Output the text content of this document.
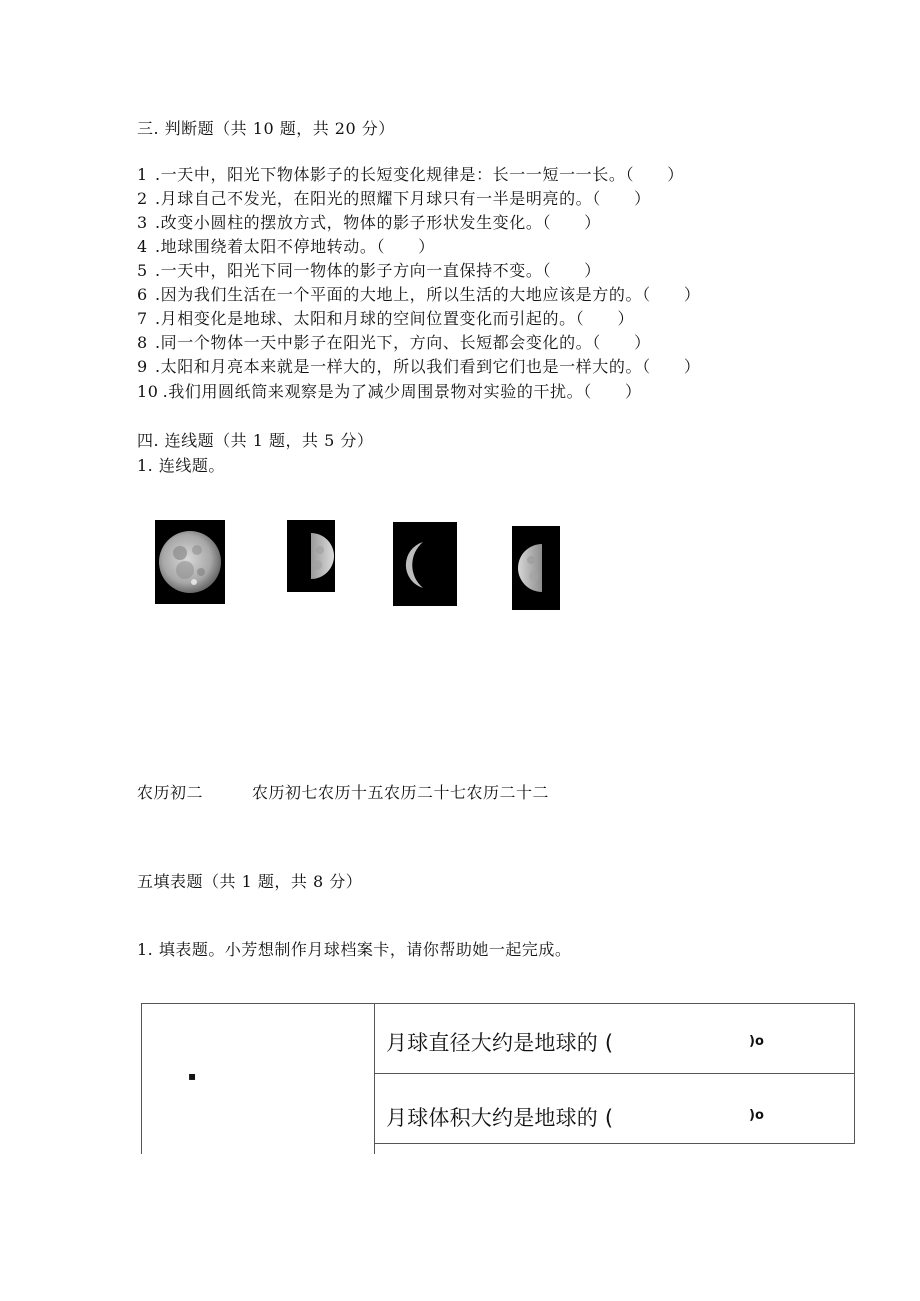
三. 判断题（共 10 题，共 20 分）
1 .一天中，阳光下物体影子的长短变化规律是：长一一短一一长。（　　）
2 .月球自己不发光，在阳光的照耀下月球只有一半是明亮的。（　　）
3 .改变小圆柱的摆放方式，物体的影子形状发生变化。（　　）
4 .地球围绕着太阳不停地转动。（　　）
5 .一天中，阳光下同一物体的影子方向一直保持不变。（　　）
6 .因为我们生活在一个平面的大地上，所以生活的大地应该是方的。（　　）
7 .月相变化是地球、太阳和月球的空间位置变化而引起的。（　　）
8 .同一个物体一天中影子在阳光下，方向、长短都会变化的。（　　）
9 .太阳和月亮本来就是一样大的，所以我们看到它们也是一样大的。（　　）
10 .我们用圆纸筒来观察是为了减少周围景物对实验的干扰。（　　）
四. 连线题（共 1 题，共 5 分）
1. 连线题。
农历初二	农历初七农历十五农历二十七农历二十二
五填表题（共 1 题，共 8 分）
1. 填表题。小芳想制作月球档案卡，请你帮助她一起完成。
▪
月球直径大约是地球的 (	)o
月球体积大约是地球的 (	)o
